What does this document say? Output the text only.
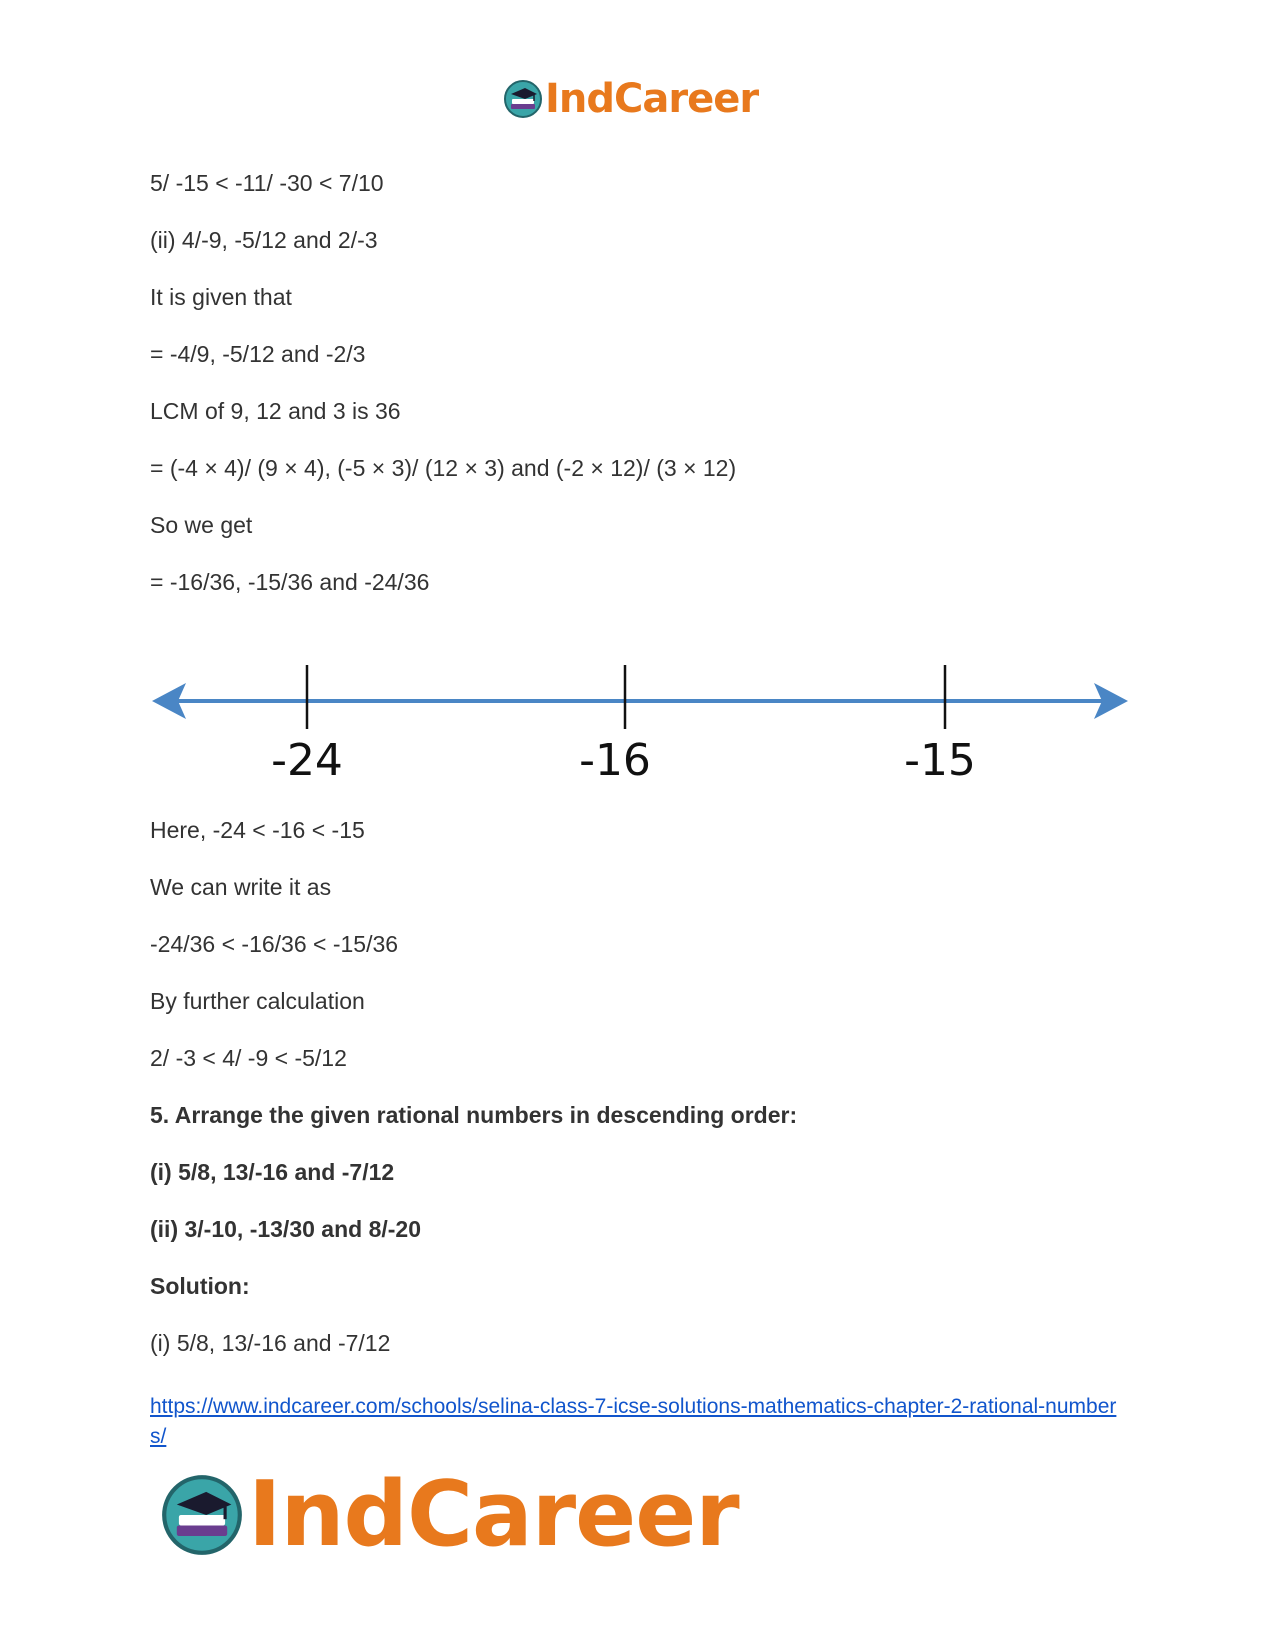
IndCareer
5/ -15 < -11/ -30 < 7/10
(ii) 4/-9, -5/12 and 2/-3
It is given that
= -4/9, -5/12 and -2/3
LCM of 9, 12 and 3 is 36
= (-4 × 4)/ (9 × 4), (-5 × 3)/ (12 × 3) and (-2 × 12)/ (3 × 12)
So we get
= -16/36, -15/36 and -24/36
-24	-16	-15
Here, -24 < -16 < -15
We can write it as
-24/36 < -16/36 < -15/36
By further calculation
2/ -3 < 4/ -9 < -5/12
5. Arrange the given rational numbers in descending order:
(i) 5/8, 13/-16 and -7/12
(ii) 3/-10, -13/30 and 8/-20
Solution:
(i) 5/8, 13/-16 and -7/12
https://www.indcareer.com/schools/selina-class-7-icse-solutions-mathematics-chapter-2-rational-numbers/
IndCareer
